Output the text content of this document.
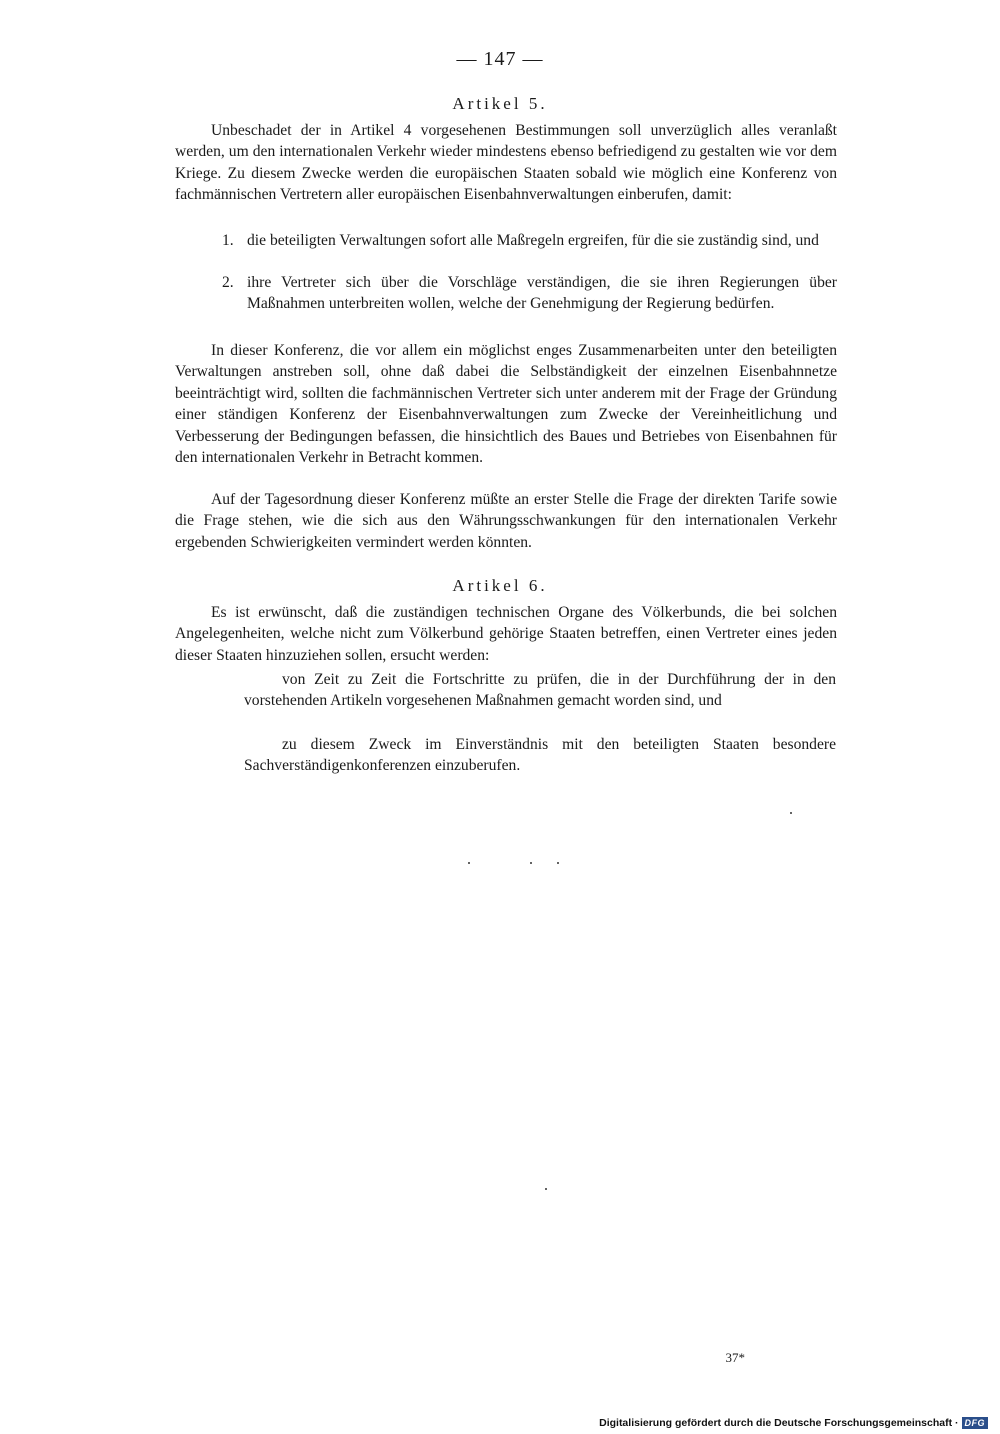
— 147 —
Artikel 5.
Unbeschadet der in Artikel 4 vorgesehenen Bestimmungen soll unverzüglich alles veranlaßt werden, um den internationalen Verkehr wieder mindestens ebenso befriedigend zu gestalten wie vor dem Kriege. Zu diesem Zwecke werden die europäischen Staaten sobald wie möglich eine Konferenz von fachmännischen Vertretern aller europäischen Eisenbahnverwaltungen einberufen, damit:
1. die beteiligten Verwaltungen sofort alle Maßregeln ergreifen, für die sie zuständig sind, und
2. ihre Vertreter sich über die Vorschläge verständigen, die sie ihren Regierungen über Maßnahmen unterbreiten wollen, welche der Genehmigung der Regierung bedürfen.
In dieser Konferenz, die vor allem ein möglichst enges Zusammenarbeiten unter den beteiligten Verwaltungen anstreben soll, ohne daß dabei die Selbständigkeit der einzelnen Eisenbahnnetze beeinträchtigt wird, sollten die fachmännischen Vertreter sich unter anderem mit der Frage der Gründung einer ständigen Konferenz der Eisenbahnverwaltungen zum Zwecke der Vereinheitlichung und Verbesserung der Bedingungen befassen, die hinsichtlich des Baues und Betriebes von Eisenbahnen für den internationalen Verkehr in Betracht kommen.
Auf der Tagesordnung dieser Konferenz müßte an erster Stelle die Frage der direkten Tarife sowie die Frage stehen, wie die sich aus den Währungsschwankungen für den internationalen Verkehr ergebenden Schwierigkeiten vermindert werden könnten.
Artikel 6.
Es ist erwünscht, daß die zuständigen technischen Organe des Völkerbunds, die bei solchen Angelegenheiten, welche nicht zum Völkerbund gehörige Staaten betreffen, einen Vertreter eines jeden dieser Staaten hinzuziehen sollen, ersucht werden:
von Zeit zu Zeit die Fortschritte zu prüfen, die in der Durchführung der in den vorstehenden Artikeln vorgesehenen Maßnahmen gemacht worden sind, und
zu diesem Zweck im Einverständnis mit den beteiligten Staaten besondere Sachverständigenkonferenzen einzuberufen.
37*
Digitalisierung gefördert durch die Deutsche Forschungsgemeinschaft · DFG
